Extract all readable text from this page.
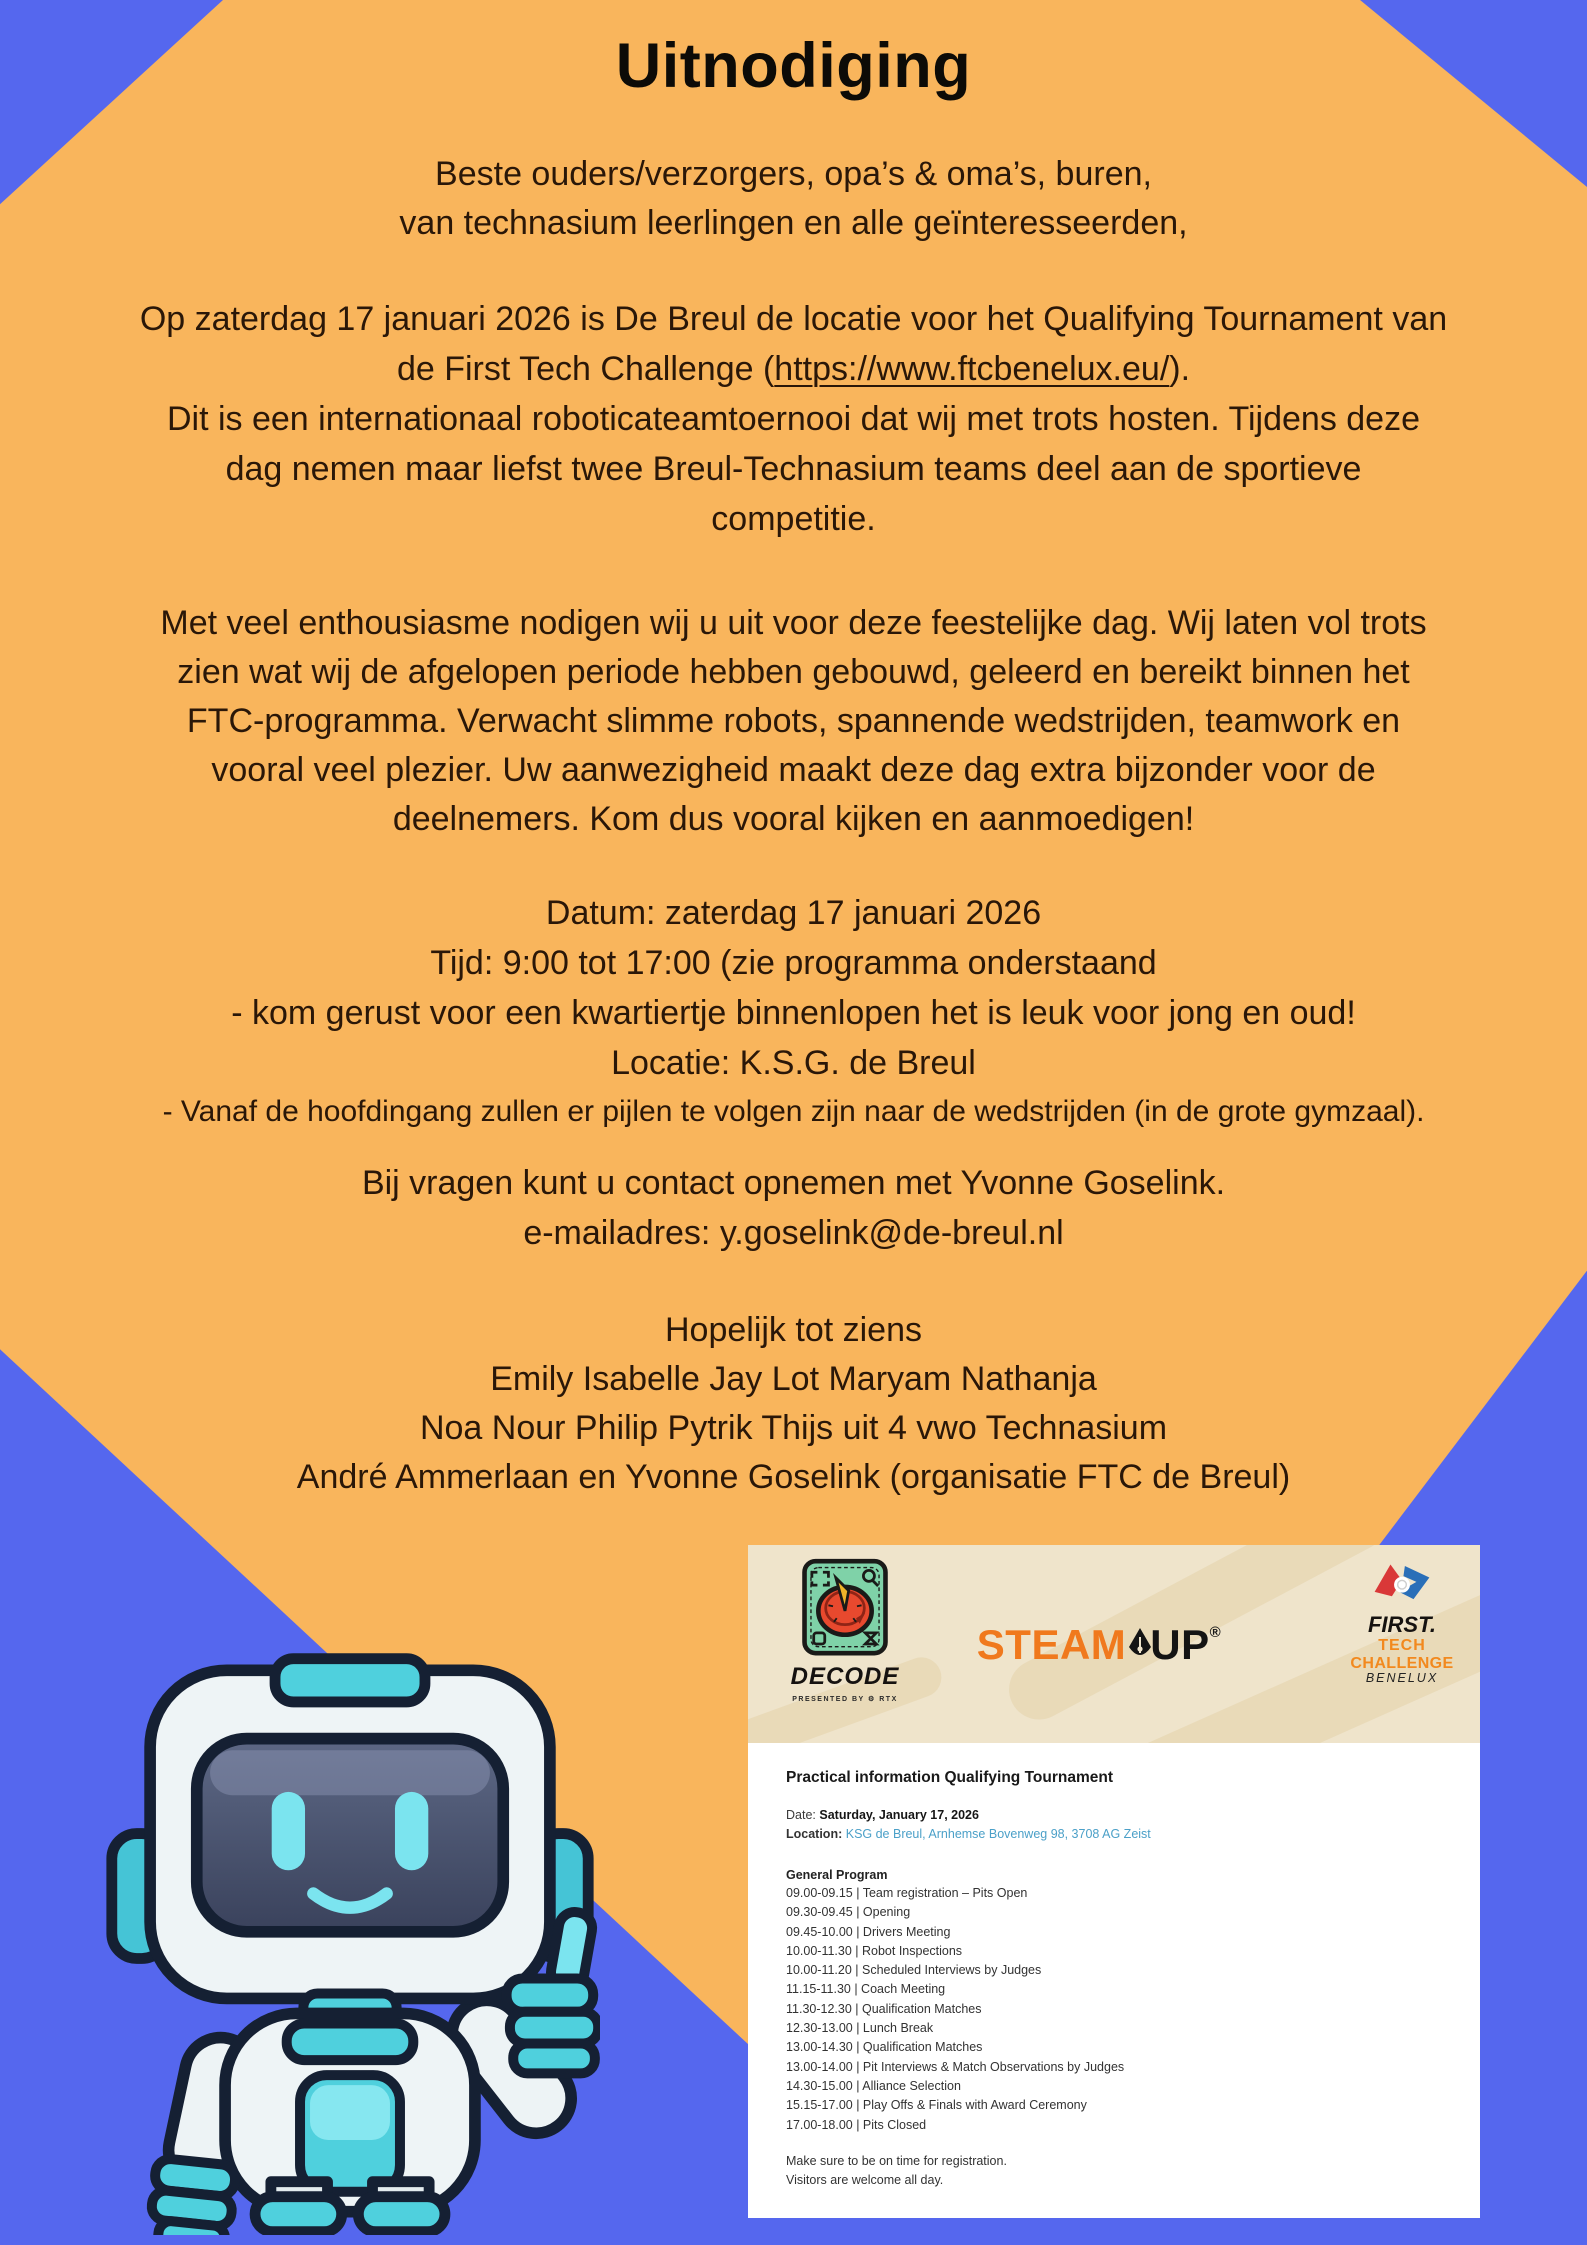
Uitnodiging
Beste ouders/verzorgers, opa’s & oma’s, buren,
van technasium leerlingen en alle geïnteresseerden,
Op zaterdag 17 januari 2026 is De Breul de locatie voor het Qualifying Tournament van
de First Tech Challenge (https://www.ftcbenelux.eu/).
Dit is een internationaal roboticateamtoernooi dat wij met trots hosten. Tijdens deze
dag nemen maar liefst twee Breul-Technasium teams deel aan de sportieve
competitie.
Met veel enthousiasme nodigen wij u uit voor deze feestelijke dag. Wij laten vol trots
zien wat wij de afgelopen periode hebben gebouwd, geleerd en bereikt binnen het
FTC-programma. Verwacht slimme robots, spannende wedstrijden, teamwork en
vooral veel plezier. Uw aanwezigheid maakt deze dag extra bijzonder voor de
deelnemers. Kom dus vooral kijken en aanmoedigen!
Datum: zaterdag 17 januari 2026
Tijd: 9:00 tot 17:00 (zie programma onderstaand
- kom gerust voor een kwartiertje binnenlopen het is leuk voor jong en oud!
Locatie: K.S.G. de Breul
- Vanaf de hoofdingang zullen er pijlen te volgen zijn naar de wedstrijden (in de grote gymzaal).
Bij vragen kunt u contact opnemen met Yvonne Goselink.
e-mailadres: y.goselink@de-breul.nl
Hopelijk tot ziens
Emily Isabelle Jay Lot Maryam Nathanja
Noa Nour Philip Pytrik Thijs uit 4 vwo Technasium
André Ammerlaan en Yvonne Goselink (organisatie FTC de Breul)
DECODE
PRESENTED BY ⚙ RTX
STEAM UP®	FIRST.
TECH
CHALLENGE
BENELUX
Practical information Qualifying Tournament
Date: Saturday, January 17, 2026
Location: KSG de Breul, Arnhemse Bovenweg 98, 3708 AG Zeist
General Program
09.00-09.15 | Team registration – Pits Open
09.30-09.45 | Opening
09.45-10.00 | Drivers Meeting
10.00-11.30 | Robot Inspections
10.00-11.20 | Scheduled Interviews by Judges
11.15-11.30 | Coach Meeting
11.30-12.30 | Qualification Matches
12.30-13.00 | Lunch Break
13.00-14.30 | Qualification Matches
13.00-14.00 | Pit Interviews & Match Observations by Judges
14.30-15.00 | Alliance Selection
15.15-17.00 | Play Offs & Finals with Award Ceremony
17.00-18.00 | Pits Closed
Make sure to be on time for registration.
Visitors are welcome all day.
